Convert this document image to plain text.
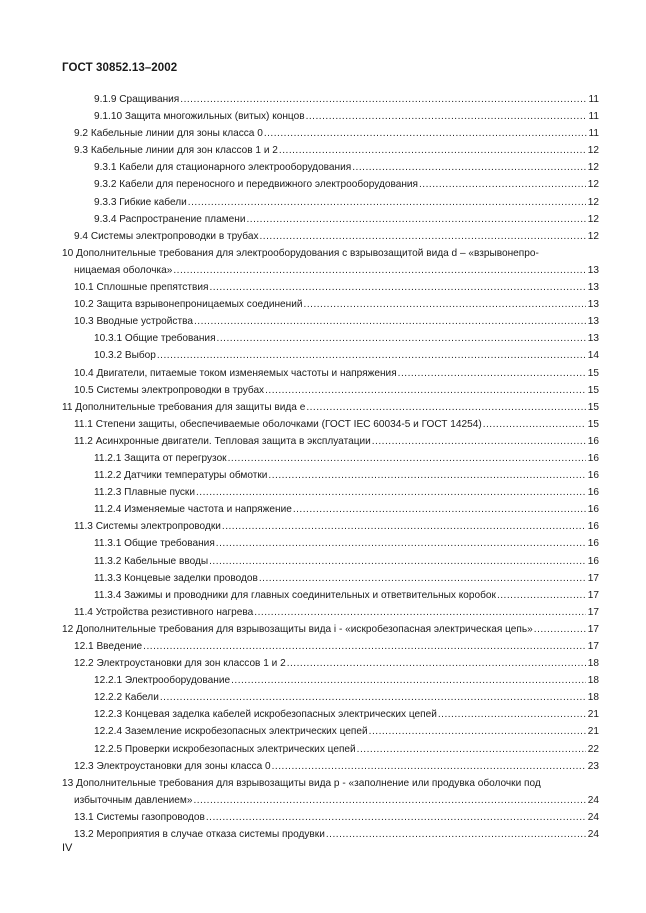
ГОСТ 30852.13–2002
9.1.9 Сращивания .....	11
9.1.10 Защита многожильных (витых) концов .....	11
9.2 Кабельные линии для зоны класса 0 .....	11
9.3 Кабельные линии для зон классов 1 и 2 .....	12
9.3.1 Кабели для стационарного электрооборудования .....	12
9.3.2 Кабели для переносного и передвижного электрооборудования .....	12
9.3.3 Гибкие кабели .....	12
9.3.4 Распространение пламени .....	12
9.4 Системы электропроводки в трубах .....	12
10 Дополнительные требования для электрооборудования с взрывозащитой вида d – «взрывонепро-
ницаемая оболочка» .....	13
10.1 Сплошные препятствия .....	13
10.2 Защита взрывонепроницаемых соединений .....	13
10.3 Вводные устройства .....	13
10.3.1 Общие требования .....	13
10.3.2 Выбор .....	14
10.4 Двигатели, питаемые током изменяемых частоты и напряжения .....	15
10.5 Системы электропроводки в трубах .....	15
11 Дополнительные требования для защиты вида e .....	15
11.1 Степени защиты, обеспечиваемые оболочками (ГОСТ IEC 60034-5 и ГОСТ 14254) .....	15
11.2 Асинхронные двигатели. Тепловая защита в эксплуатации .....	16
11.2.1 Защита от перегрузок .....	16
11.2.2 Датчики температуры обмотки .....	16
11.2.3 Плавные пуски .....	16
11.2.4 Изменяемые частота и напряжение .....	16
11.3 Системы электропроводки .....	16
11.3.1 Общие требования .....	16
11.3.2 Кабельные вводы .....	16
11.3.3 Концевые заделки проводов .....	17
11.3.4 Зажимы и проводники для главных соединительных и ответвительных коробок .....	17
11.4 Устройства резистивного нагрева .....	17
12 Дополнительные требования для взрывозащиты вида i - «искробезопасная электрическая цепь» .....	17
12.1 Введение .....	17
12.2 Электроустановки для зон классов 1 и 2 .....	18
12.2.1 Электрооборудование .....	18
12.2.2 Кабели .....	18
12.2.3 Концевая заделка кабелей искробезопасных электрических цепей .....	21
12.2.4 Заземление искробезопасных электрических цепей .....	21
12.2.5 Проверки искробезопасных электрических цепей .....	22
12.3 Электроустановки для зоны класса 0 .....	23
13 Дополнительные требования для взрывозащиты вида p - «заполнение или продувка оболочки под
избыточным давлением» .....	24
13.1 Системы газопроводов .....	24
13.2 Мероприятия в случае отказа системы продувки .....	24
IV
